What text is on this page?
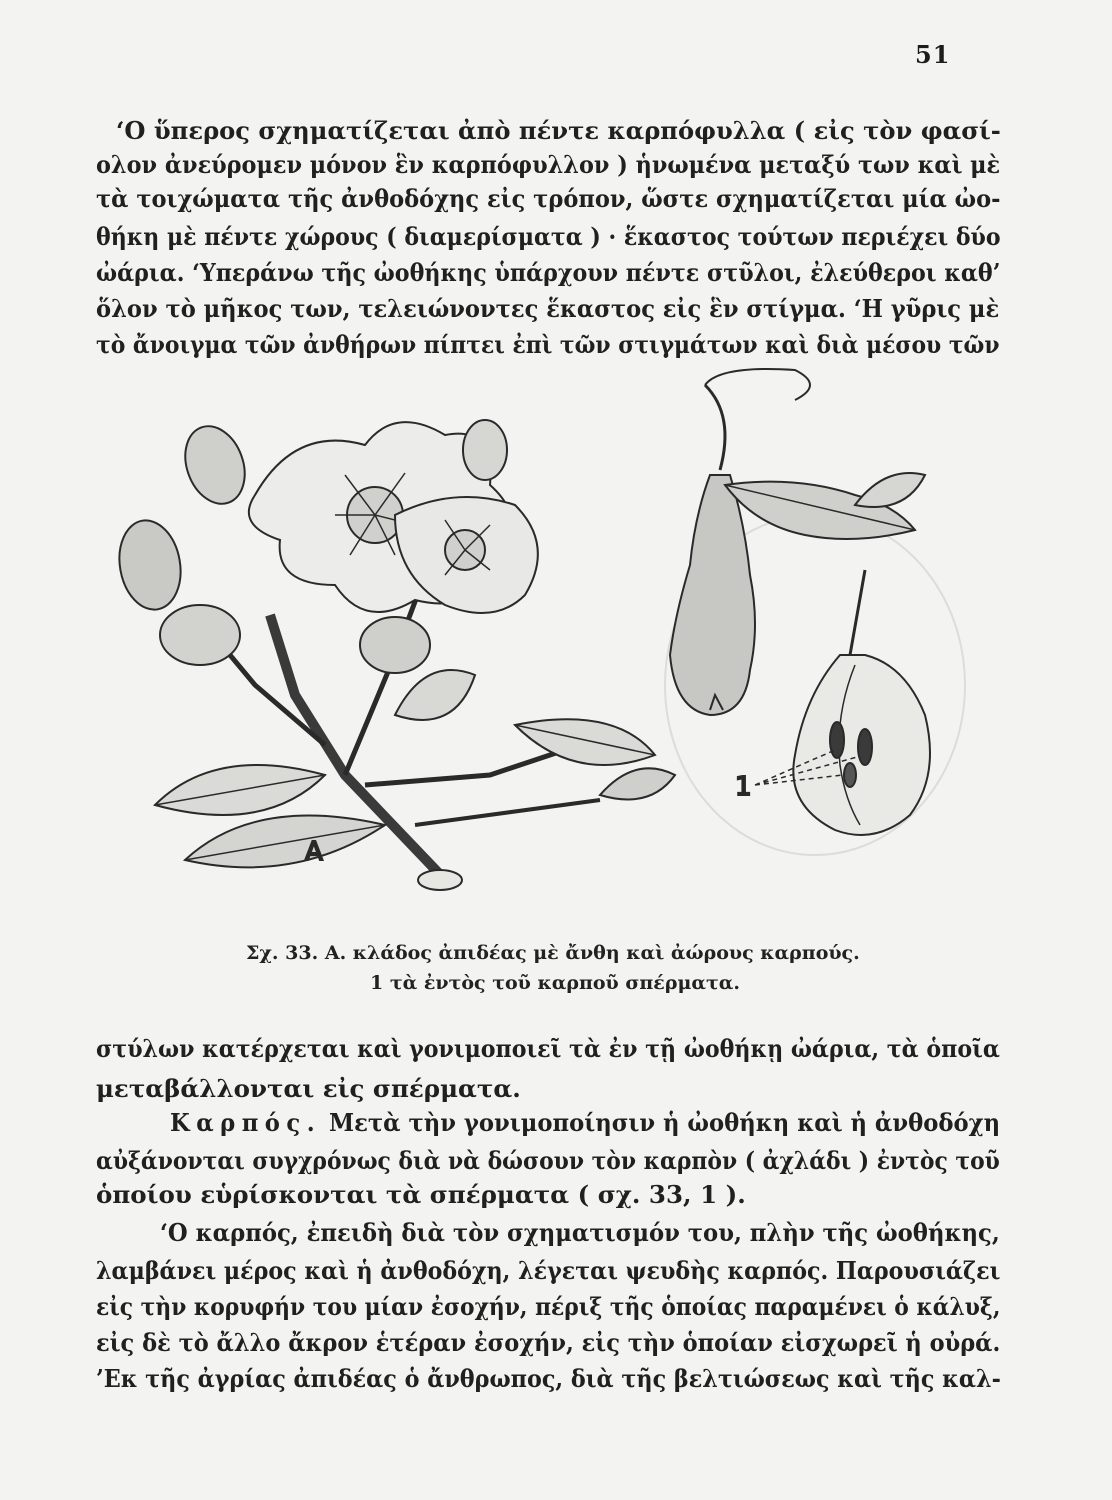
51
‘Ο ὕπερος σχηματίζεται ἀπὸ πέντε καρπόφυλλα ( εἰς τὸν φασί-
ολον ἀνεύρομεν μόνον ἓν καρπόφυλλον ) ἡνωμένα μεταξύ των καὶ μὲ
τὰ τοιχώματα τῆς ἀνθοδόχης εἰς τρόπον, ὥστε σχηματίζεται μία ὠο-
θήκη μὲ πέντε χώρους ( διαμερίσματα ) · ἕκαστος τούτων περιέχει δύο
ὠάρια. ‘Υπεράνω τῆς ὠοθήκης ὑπάρχουν πέντε στῦλοι, ἐλεύθεροι καθ’
ὅλον τὸ μῆκος των, τελειώνοντες ἕκαστος εἰς ἓν στίγμα. ‘Η γῦρις μὲ
τὸ ἄνοιγμα τῶν ἀνθήρων πίπτει ἐπὶ τῶν στιγμάτων καὶ διὰ μέσου τῶν
A
1
Σχ. 33. Α. κλάδος ἀπιδέας μὲ ἄνθη καὶ ἀώρους καρπούς.
1 τὰ ἐντὸς τοῦ καρποῦ σπέρματα.
στύλων κατέρχεται καὶ γονιμοποιεῖ τὰ ἐν τῇ ὠοθήκῃ ὠάρια, τὰ ὁποῖα
μεταβάλλονται εἰς σπέρματα.
Καρπός. Μετὰ τὴν γονιμοποίησιν ἡ ὠοθήκη καὶ ἡ ἀνθοδόχη
αὐξάνονται συγχρόνως διὰ νὰ δώσουν τὸν καρπὸν ( ἀχλάδι ) ἐντὸς τοῦ
ὁποίου εὑρίσκονται τὰ σπέρματα ( σχ. 33, 1 ).
‘Ο καρπός, ἐπειδὴ διὰ τὸν σχηματισμόν του, πλὴν τῆς ὠοθήκης,
λαμβάνει μέρος καὶ ἡ ἀνθοδόχη, λέγεται ψευδὴς καρπός. Παρουσιάζει
εἰς τὴν κορυφήν του μίαν ἐσοχήν, πέριξ τῆς ὁποίας παραμένει ὁ κάλυξ,
εἰς δὲ τὸ ἄλλο ἄκρον ἑτέραν ἐσοχήν, εἰς τὴν ὁποίαν εἰσχωρεῖ ἡ οὐρά.
’Εκ τῆς ἀγρίας ἀπιδέας ὁ ἄνθρωπος, διὰ τῆς βελτιώσεως καὶ τῆς καλ-
